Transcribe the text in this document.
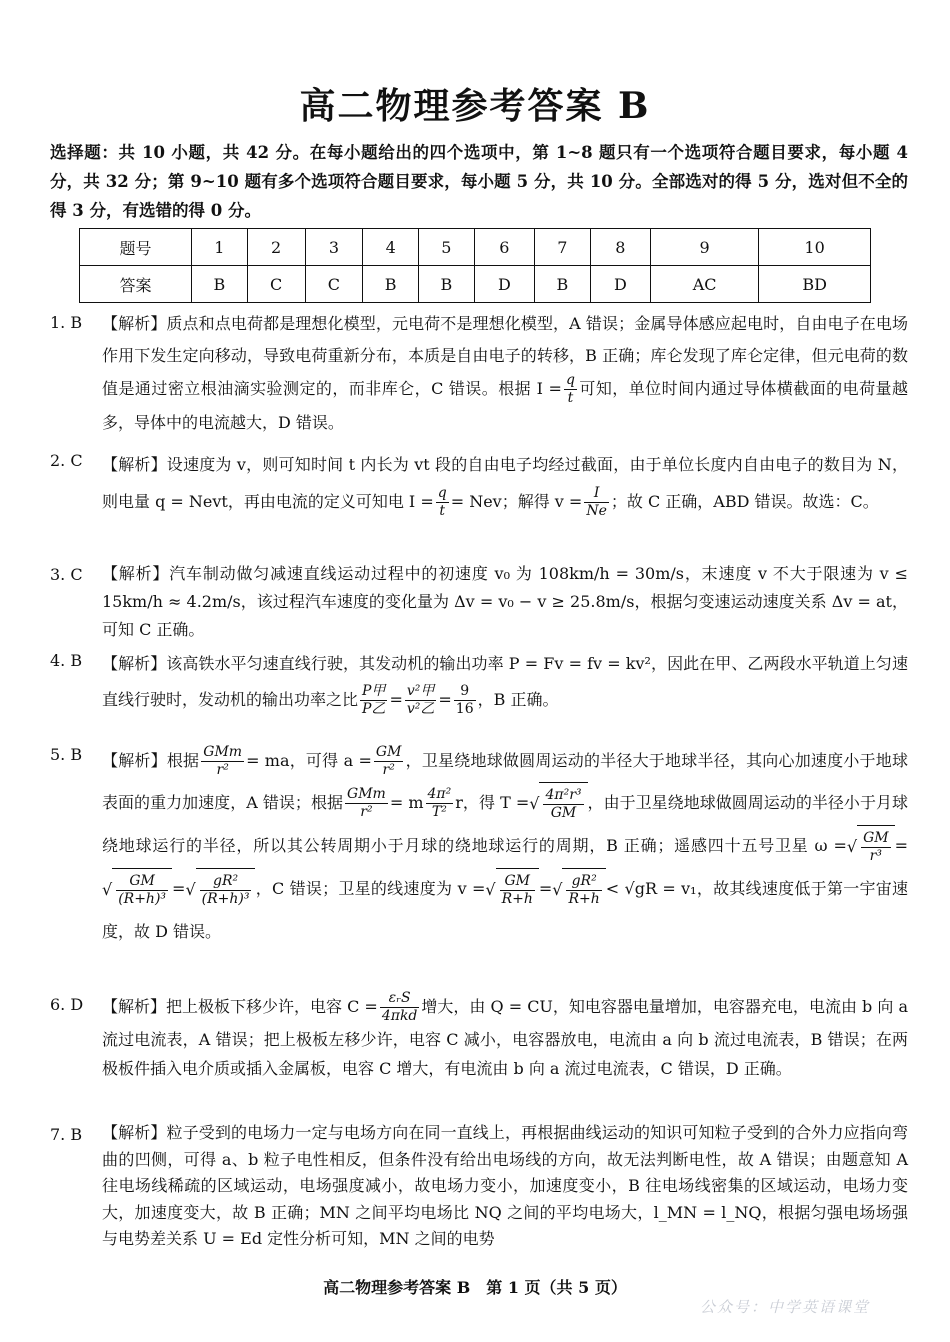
高二物理参考答案 B
选择题：共 10 小题，共 42 分。在每小题给出的四个选项中，第 1~8 题只有一个选项符合题目要求，每小题 4 分，共 32 分；第 9~10 题有多个选项符合题目要求，每小题 5 分，共 10 分。全部选对的得 5 分，选对但不全的得 3 分，有选错的得 0 分。
题号	1	2	3	4	5	6	7	8	9	10
答案	B	C	C	B	B	D	B	D	AC	BD
1. B	【解析】质点和点电荷都是理想化模型，元电荷不是理想化模型，A 错误；金属导体感应起电时，自由电子在电场作用下发生定向移动，导致电荷重新分布，本质是自由电子的转移，B 正确；库仑发现了库仑定律，但元电荷的数值是通过密立根油滴实验测定的，而非库仑，C 错误。根据 $I = \frac{q}{t}$ 可知，单位时间内通过导体横截面的电荷量越多，导体中的电流越大，D 错误。
2. C	【解析】设速度为 v，则可知时间 t 内长为 vt 段的自由电子均经过截面，由于单位长度内自由电子的数目为 N，则电量 q = Nevt，再由电流的定义可知电 $I = \frac{q}{t}$ = Nev；解得 $v = \frac{I}{Ne}$ ；故 C 正确，ABD 错误。故选：C。
3. C	【解析】汽车制动做匀减速直线运动过程中的初速度 v₀ 为 108km/h = 30m/s，末速度 v 不大于限速为 v ≤ 15km/h ≈ 4.2m/s，该过程汽车速度的变化量为 Δv = v₀ − v ≥ 25.8m/s，根据匀变速运动速度关系 Δv = at，可知 C 正确。
4. B	【解析】该高铁水平匀速直线行驶，其发动机的输出功率 P = Fv = fv = kv²，因此在甲、乙两段水平轨道上匀速直线行驶时，发动机的输出功率之比 $\frac{\text{P甲}}{\text{P乙}} = \frac{\text{v²甲}}{\text{v²乙}} = \frac{9}{16}$ ，B 正确。
5. B	【解析】根据 $\frac{\text{GMm}}{\text{r²}}$ = ma，可得 $a = \frac{GM}{\text{r²}}$ ，卫星绕地球做圆周运动的半径大于地球半径，其向心加速度小于地球表面的重力加速度，A 错误；根据 $\frac{\text{GMm}}{\text{r²}} = m \frac{\text{4π²}}{\text{T²}}$ r，得 T =√ $\frac{\text{4π²r³}}{GM}$ ，由于卫星绕地球做圆周运动的半径小于月球绕地球运行的半径，所以其公转周期小于月球的绕地球运行的周期，B 正确；遥感四十五号卫星 ω =√ $\frac{GM}{\text{r³}}$ =√ $\frac{GM}{\text{(R+h)³}}$ =√ $\frac{\text{gR²}}{\text{(R+h)³}}$ ，C 错误；卫星的线速度为 v =√ $\frac{GM}{R+h}$ =√ $\frac{\text{gR²}}{R+h} < √gR = v_1$，故其线速度低于第一宇宙速度，故 D 错误。
6. D	【解析】把上极板下移少许，电容 $C = \frac{\text{εᵣS}}{\text{4πkd}}$ 增大，由 Q = CU，知电容器电量增加，电容器充电，电流由 b 向 a 流过电流表，A 错误；把上极板左移少许，电容 C 减小，电容器放电，电流由 a 向 b 流过电流表，B 错误；在两极板件插入电介质或插入金属板，电容 C 增大，有电流由 b 向 a 流过电流表，C 错误，D 正确。
7. B	【解析】粒子受到的电场力一定与电场方向在同一直线上，再根据曲线运动的知识可知粒子受到的合外力应指向弯曲的凹侧，可得 a、b 粒子电性相反，但条件没有给出电场线的方向，故无法判断电性，故 A 错误；由题意知 A 往电场线稀疏的区域运动，电场强度减小，故电场力变小，加速度变小，B 往电场线密集的区域运动，电场力变大，加速度变大，故 B 正确；MN 之间平均电场比 NQ 之间的平均电场大，l_MN = l_NQ，根据匀强电场场强与电势差关系 U = Ed 定性分析可知，MN 之间的电势
高二物理参考答案 B　第 1 页（共 5 页）
公众号：中学英语课堂
